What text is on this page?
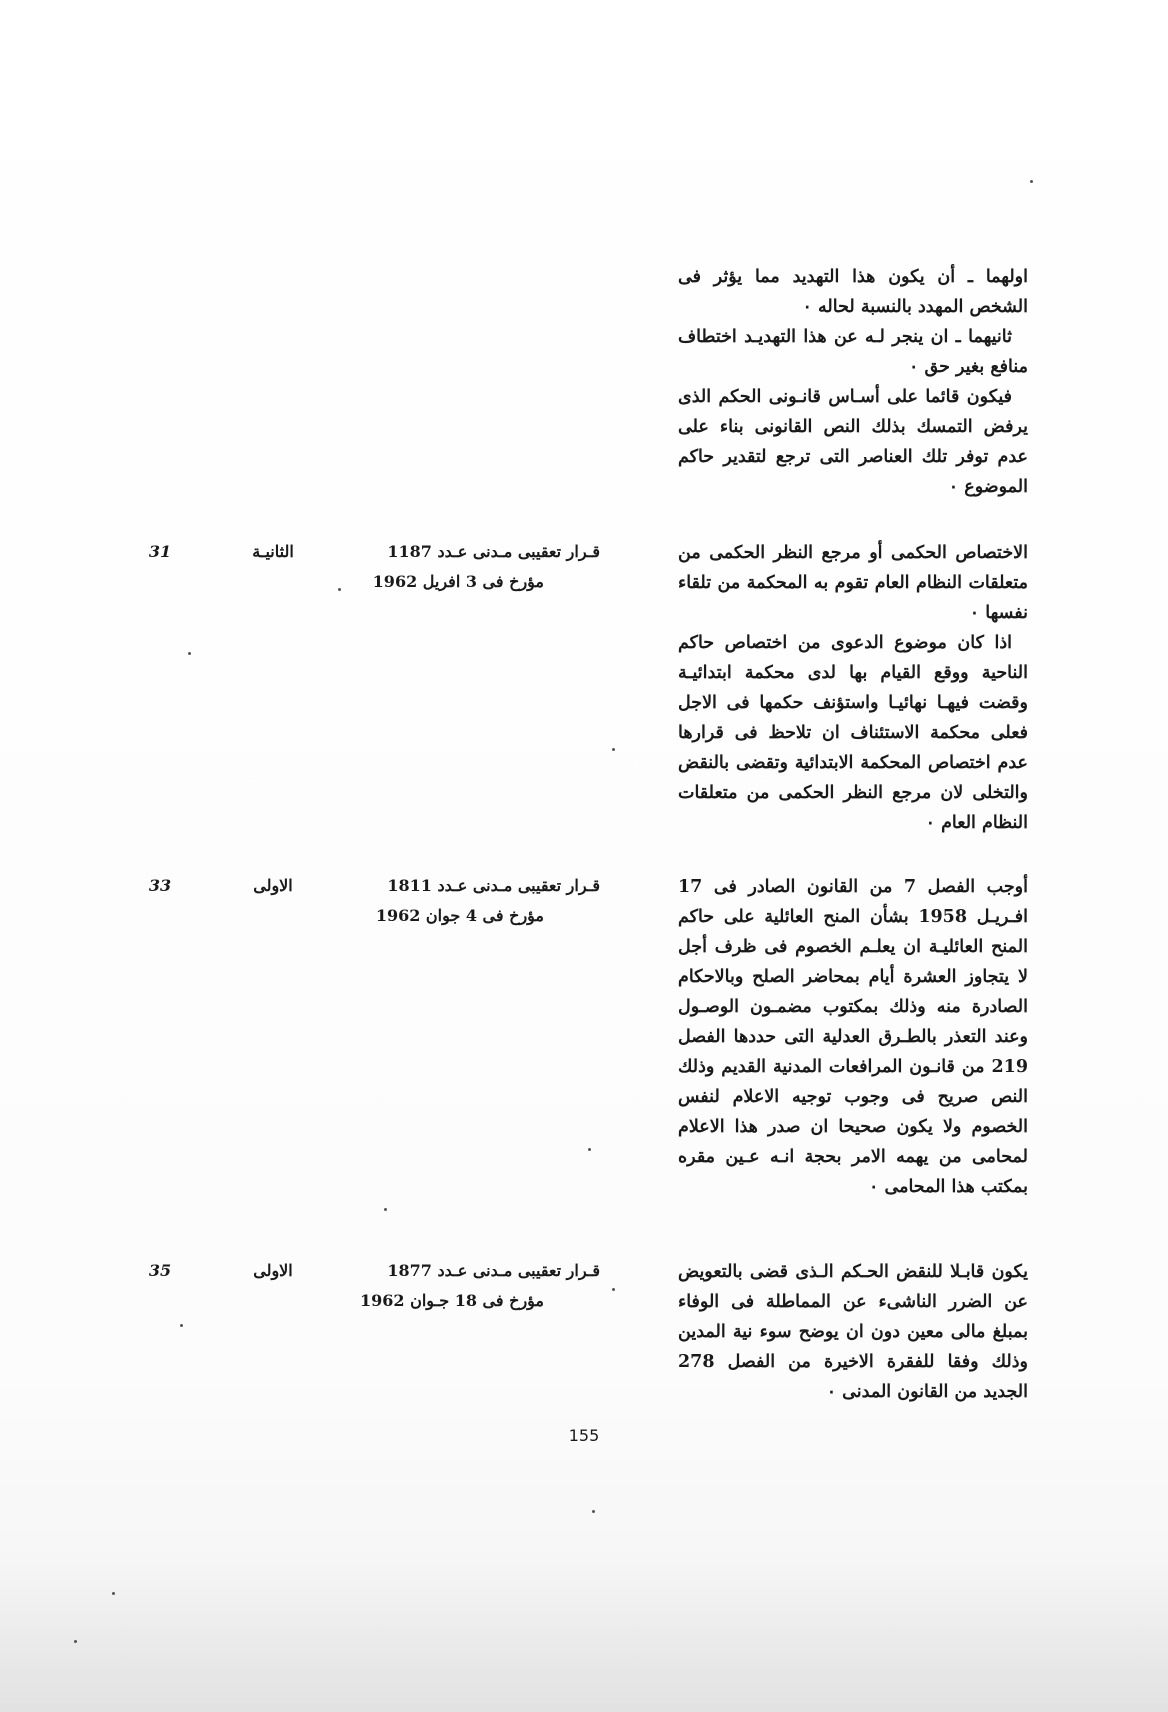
اولهما ـ أن يكون هذا التهديد مما يؤثر فى الشخص المهدد بالنسبة لحاله ۰

ثانيهما ـ ان ينجر لـه عن هذا التهديـد اختطاف منافع بغير حق ۰

فيكون قائما على أسـاس قانـونى الحكم الذى يرفض التمسك بذلك النص القانونى بناء على عدم توفر تلك العناصر التى ترجع لتقدير حاكم الموضوع ۰

الاختصاص الحكمى أو مرجع النظر الحكمى من متعلقات النظام العام تقوم به المحكمة من تلقاء نفسها ۰

اذا كان موضوع الدعوى من اختصاص حاكم الناحية ووقع القيام بها لدى محكمة ابتدائيـة وقضت فيهـا نهائيـا واستؤنف حكمها فى الاجل فعلى محكمة الاستئناف ان تلاحظ فى قرارها عدم اختصاص المحكمة الابتدائية وتقضى بالنقض والتخلى لان مرجع النظر الحكمى من متعلقات النظام العام ۰

قـرار تعقيبى مـدنى عـدد 1187
مؤرخ فى 3 افريل 1962
الثانيـة
31

أوجب الفصل 7 من القانون الصادر فى 17 افـريـل 1958 بشأن المنح العائلية على حاكم المنح العائليـة ان يعلـم الخصوم فى ظرف أجل لا يتجاوز العشرة أيام بمحاضر الصلح وبالاحكام الصادرة منه وذلك بمكتوب مضمـون الوصـول وعند التعذر بالطـرق العدلية التى حددها الفصل 219 من قانـون المرافعات المدنية القديم وذلك النص صريح فى وجوب توجيه الاعلام لنفس الخصوم ولا يكون صحيحا ان صدر هذا الاعلام لمحامى من يهمه الامر بحجة انـه عـين مقره بمكتب هذا المحامى ۰

قـرار تعقيبى مـدنى عـدد 1811
مؤرخ فى 4 جوان 1962
الاولى
33

يكون قابـلا للنقض الحـكم الـذى قضى بالتعويض عن الضرر الناشىء عن المماطلة فى الوفاء بمبلغ مالى معين دون ان يوضح سوء نية المدين وذلك وفقا للفقرة الاخيرة من الفصل 278 الجديد من القانون المدنى ۰

قـرار تعقيبى مـدنى عـدد 1877
مؤرخ فى 18 جـوان 1962
الاولى
35
155
